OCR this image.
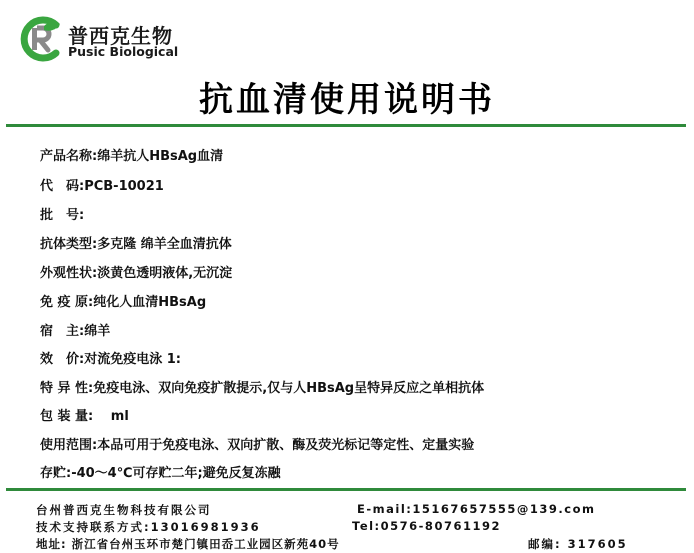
普西克生物
Pusic Biological
抗血清使用说明书
产品名称:绵羊抗人HBsAg血清
代　码:PCB-10021
批　号:
抗体类型:多克隆 绵羊全血清抗体
外观性状:淡黄色透明液体,无沉淀
免 疫 原:纯化人血清HBsAg
宿　主:绵羊
效　价:对流免疫电泳 1:
特 异 性:免疫电泳、双向免疫扩散提示,仅与人HBsAg呈特异反应之单相抗体
包 装 量:　 ml
使用范围:本品可用于免疫电泳、双向扩散、酶及荧光标记等定性、定量实验
存贮:-40～4℃可存贮二年;避免反复冻融
台州普西克生物科技有限公司	E-mail:15167657555@139.com
技术支持联系方式:13016981936	Tel:0576-80761192
地址: 浙江省台州玉环市楚门镇田岙工业园区新苑40号	邮编: 317605
